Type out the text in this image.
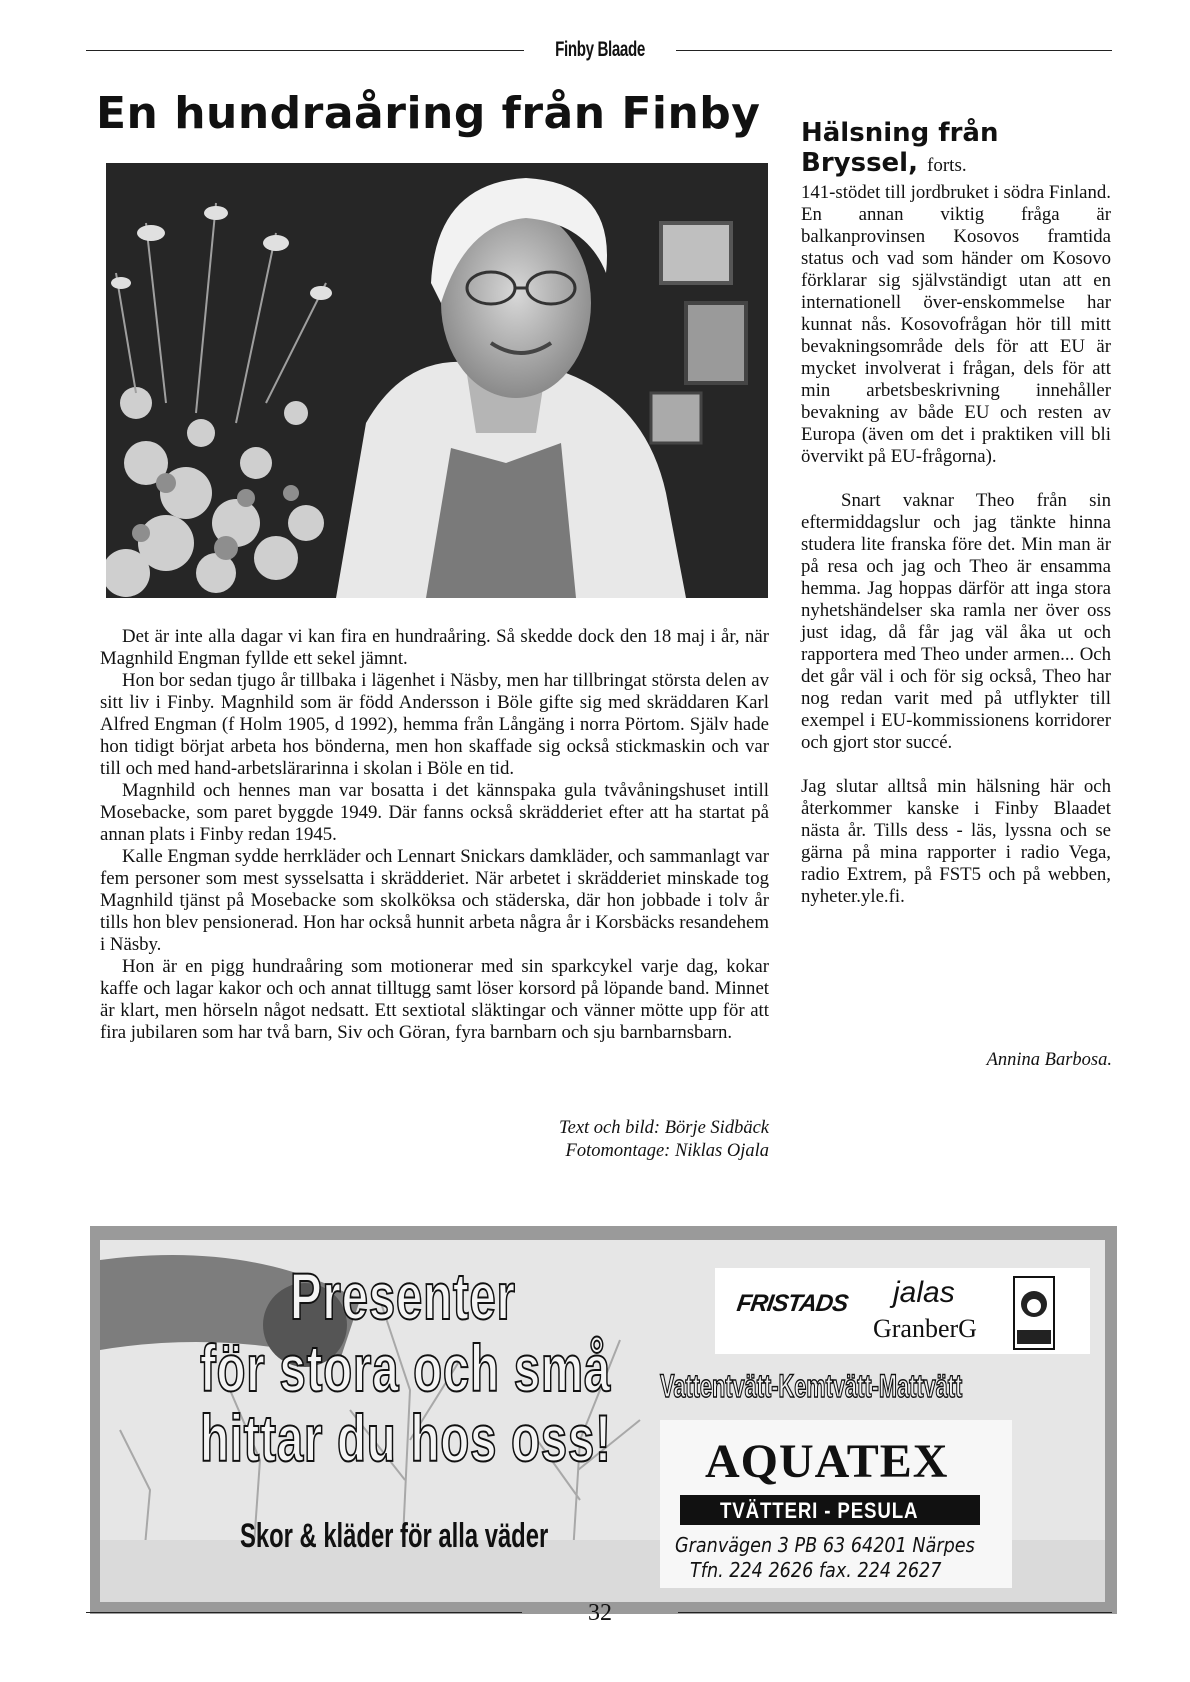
Finby Blaade
En hundraåring från Finby

Det är inte alla dagar vi kan fira en hundraåring. Så skedde dock den 18 maj i år, när Magnhild Engman fyllde ett sekel jämnt.

Hon bor sedan tjugo år tillbaka i lägenhet i Näsby, men har tillbringat största delen av sitt liv i Finby. Magnhild som är född Andersson i Böle gifte sig med skräddaren Karl Alfred Engman (f Holm 1905, d 1992), hemma från Långäng i norra Pörtom. Själv hade hon tidigt börjat arbeta hos bönderna, men hon skaffade sig också stickmaskin och var till och med hand-arbetslärarinna i skolan i Böle en tid.

Magnhild och hennes man var bosatta i det kännspaka gula tvåvåningshuset intill Mosebacke, som paret byggde 1949. Där fanns också skrädderiet efter att ha startat på annan plats i Finby redan 1945.

Kalle Engman sydde herrkläder och Lennart Snickars damkläder, och sammanlagt var fem personer som mest sysselsatta i skrädderiet. När arbetet i skrädderiet minskade tog Magnhild tjänst på Mosebacke som skolköksa och städerska, där hon jobbade i tolv år tills hon blev pensionerad. Hon har också hunnit arbeta några år i Korsbäcks resandehem i Näsby.

Hon är en pigg hundraåring som motionerar med sin sparkcykel varje dag, kokar kaffe och lagar kakor och och annat tilltugg samt löser korsord på löpande band. Minnet är klart, men hörseln något nedsatt. Ett sextiotal släktingar och vänner mötte upp för att fira jubilaren som har två barn, Siv och Göran, fyra barnbarn och sju barnbarnsbarn.

Text och bild: Börje Sidbäck
Fotomontage: Niklas Ojala
Hälsning från
Bryssel, forts.

141-stödet till jordbruket i södra Finland. En annan viktig fråga är balkanprovinsen Kosovos framtida status och vad som händer om Kosovo förklarar sig självständigt utan att en internationell över-enskommelse har kunnat nås. Kosovofrågan hör till mitt bevakningsområde dels för att EU är mycket involverat i frågan, dels för att min arbetsbeskrivning innehåller bevakning av både EU och resten av Europa (även om det i praktiken vill bli övervikt på EU-frågorna).

Snart vaknar Theo från sin eftermiddagslur och jag tänkte hinna studera lite franska före det. Min man är på resa och jag och Theo är ensamma hemma. Jag hoppas därför att inga stora nyhetshändelser ska ramla ner över oss just idag, då får jag väl åka ut och rapportera med Theo under armen... Och det går väl i och för sig också, Theo har nog redan varit med på utflykter till exempel i EU-kommissionens korridorer och gjort stor succé.

Jag slutar alltså min hälsning här och återkommer kanske i Finby Blaadet nästa år. Tills dess - läs, lyssna och se gärna på mina rapporter i radio Vega, radio Extrem, på FST5 och på webben, nyheter.yle.fi.

Annina Barbosa.
Presenter
för stora och små
hittar du hos oss!
Skor & kläder för alla väder
FRISTADS jalas
GranberG
Vattentvätt-Kemtvätt-Mattvätt
AQUATEX
TVÄTTERI - PESULA
Granvägen 3 PB 63 64201 Närpes
Tfn. 224 2626 fax. 224 2627
32
